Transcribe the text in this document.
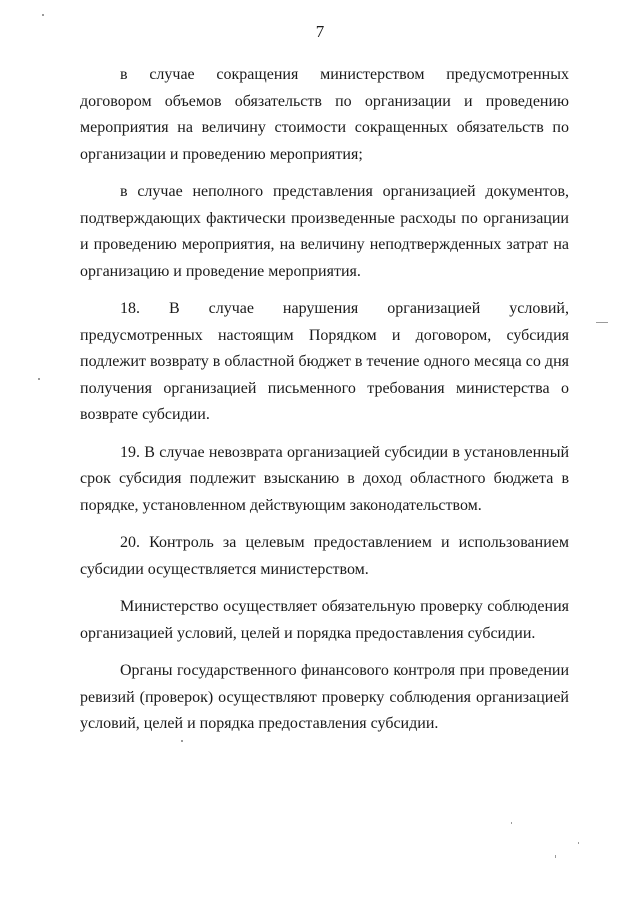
7

в случае сокращения министерством предусмотренных договором объемов обязательств по организации и проведению мероприятия на величину стоимости сокращенных обязательств по организации и проведению мероприятия;

в случае неполного представления организацией документов, подтверждающих фактически произведенные расходы по организации и проведению мероприятия, на величину неподтвержденных затрат на организацию и проведение мероприятия.

18. В случае нарушения организацией условий, предусмотренных настоящим Порядком и договором, субсидия подлежит возврату в областной бюджет в течение одного месяца со дня получения организацией письменного требования министерства о возврате субсидии.

19. В случае невозврата организацией субсидии в установленный срок субсидия подлежит взысканию в доход областного бюджета в порядке, установленном действующим законодательством.

20. Контроль за целевым предоставлением и использованием субсидии осуществляется министерством.

Министерство осуществляет обязательную проверку соблюдения организацией условий, целей и порядка предоставления субсидии.

Органы государственного финансового контроля при проведении ревизий (проверок) осуществляют проверку соблюдения организацией условий, целей и порядка предоставления субсидии.
